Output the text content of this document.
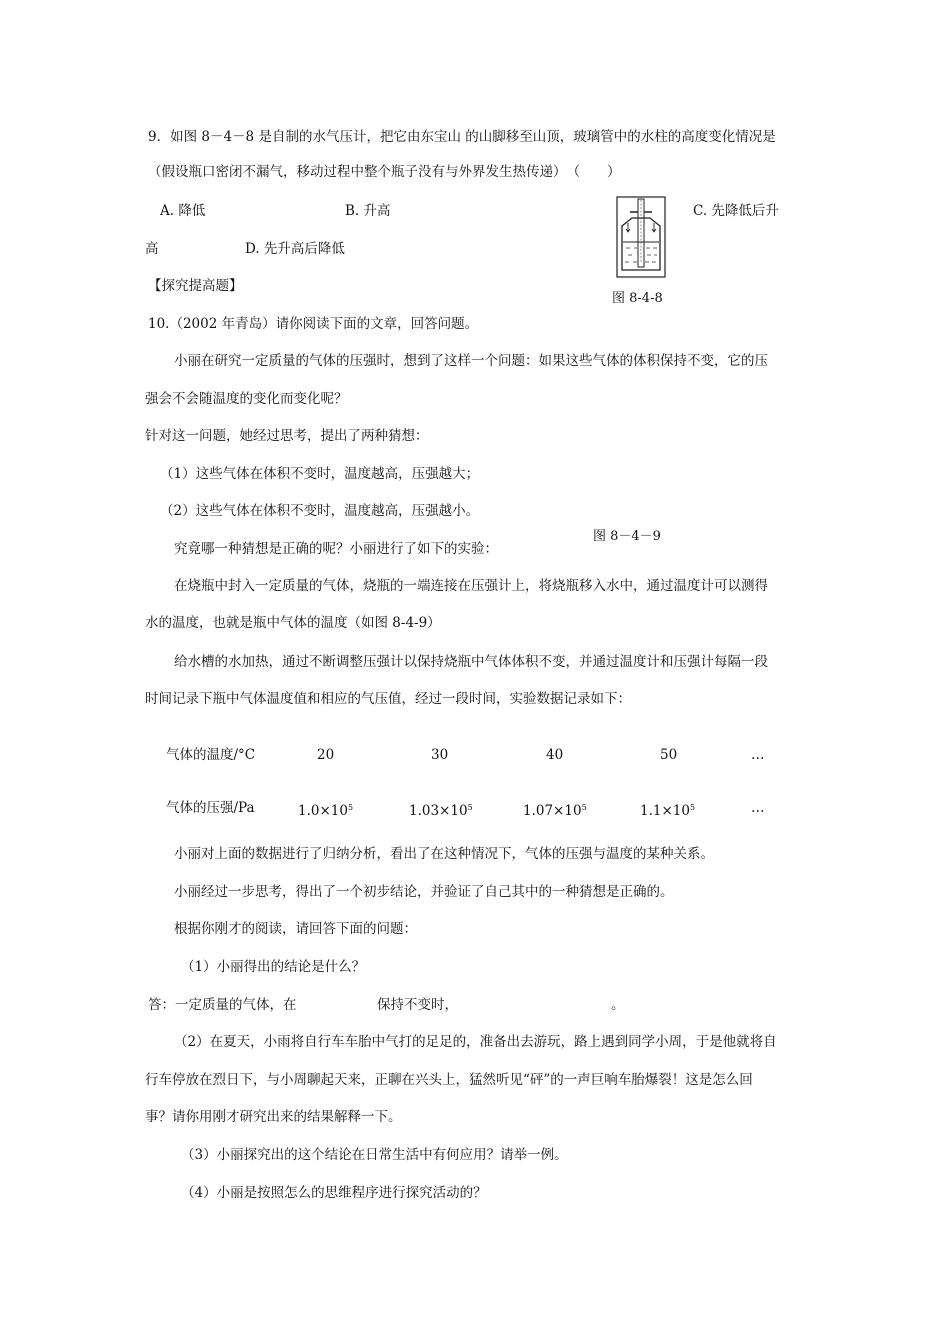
9．如图 8－4－8 是自制的水气压计，把它由东宝山 的山脚移至山顶，玻璃管中的水柱的高度变化情况是
（假设瓶口密闭不漏气，移动过程中整个瓶子没有与外界发生热传递）　（　　）
A. 降低	B. 升高	C. 先降低后升
高	D. 先升高后降低
图 8-4-8
【探究提高题】
10.（2002 年青岛）请你阅读下面的文章，回答问题。
小丽在研究一定质量的气体的压强时，想到了这样一个问题：如果这些气体的体积保持不变，它的压
强会不会随温度的变化而变化呢？
针对这一问题，她经过思考，提出了两种猜想：
（1）这些气体在体积不变时，温度越高，压强越大；
（2）这些气体在体积不变时，温度越高，压强越小。
图 8－4－9
究竟哪一种猜想是正确的呢？小丽进行了如下的实验：
在烧瓶中封入一定质量的气体，烧瓶的一端连接在压强计上，将烧瓶移入水中，通过温度计可以测得
水的温度，也就是瓶中气体的温度（如图 8-4-9）
给水槽的水加热，通过不断调整压强计以保持烧瓶中气体体积不变，并通过温度计和压强计每隔一段
时间记录下瓶中气体温度值和相应的气压值，经过一段时间，实验数据记录如下：
气体的温度/°C	20	30	40	50	…
气体的压强/Pa	$1.0\times 10^5$	$1.03\times 10^5$	$1.07\times 10^5$	$1.1\times 10^5$	…
小丽对上面的数据进行了归纳分析，看出了在这种情况下，气体的压强与温度的某种关系。
小丽经过一步思考，得出了一个初步结论，并验证了自己其中的一种猜想是正确的。
根据你刚才的阅读，请回答下面的问题：
（1）小丽得出的结论是什么？
答：一定质量的气体，在	保持不变时，	。
（2）在夏天，小雨将自行车车胎中气打的足足的，准备出去游玩，路上遇到同学小周，于是他就将自
行车停放在烈日下，与小周聊起天来，正聊在兴头上，猛然听见“砰”的一声巨响车胎爆裂！这是怎么回
事？请你用刚才研究出来的结果解释一下。
（3）小丽探究出的这个结论在日常生活中有何应用？请举一例。
（4）小丽是按照怎么的思维程序进行探究活动的？
